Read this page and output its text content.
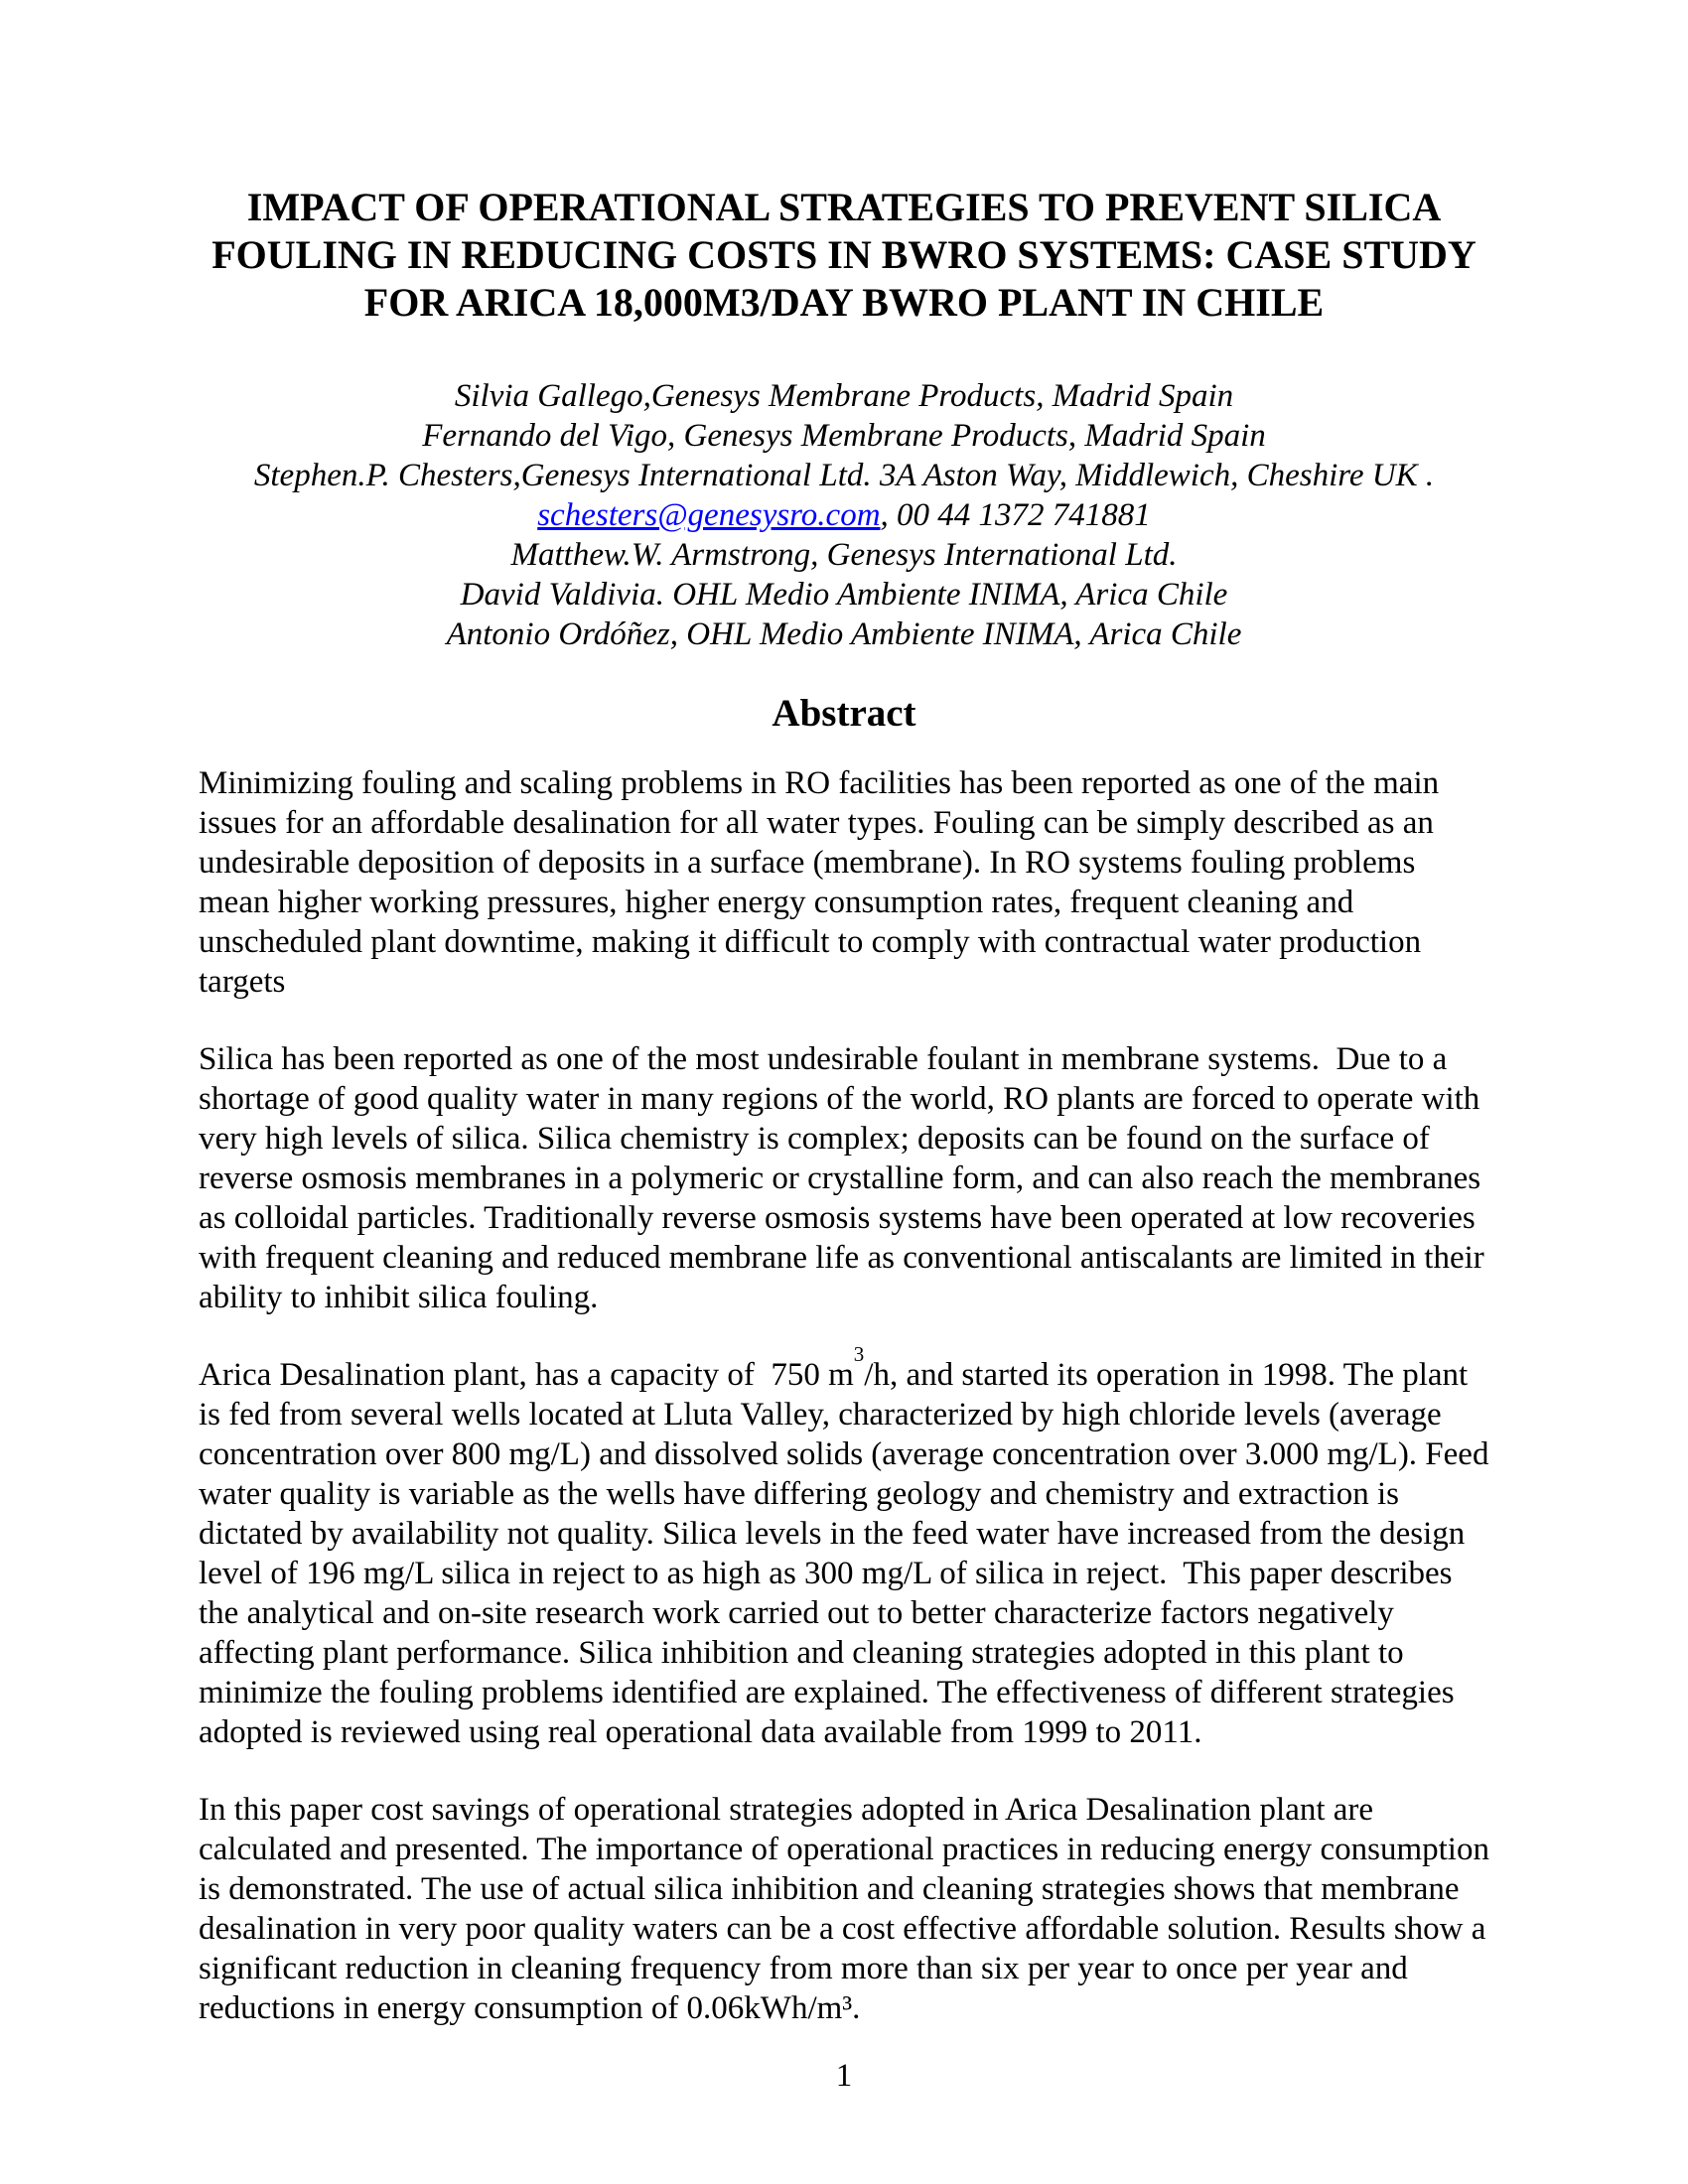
IMPACT OF OPERATIONAL STRATEGIES TO PREVENT SILICA
FOULING IN REDUCING COSTS IN BWRO SYSTEMS: CASE STUDY
FOR ARICA 18,000M3/DAY BWRO PLANT IN CHILE

Silvia Gallego,Genesys Membrane Products, Madrid Spain

Fernando del Vigo, Genesys Membrane Products, Madrid Spain

Stephen.P. Chesters,Genesys International Ltd. 3A Aston Way, Middlewich, Cheshire UK .

schesters@genesysro.com, 00 44 1372 741881

Matthew.W. Armstrong, Genesys International Ltd.

David Valdivia. OHL Medio Ambiente INIMA, Arica Chile

Antonio Ordóñez, OHL Medio Ambiente INIMA, Arica Chile

Abstract

Minimizing fouling and scaling problems in RO facilities has been reported as one of the main issues for an affordable desalination for all water types. Fouling can be simply described as an undesirable deposition of deposits in a surface (membrane). In RO systems fouling problems mean higher working pressures, higher energy consumption rates, frequent cleaning and unscheduled plant downtime, making it difficult to comply with contractual water production targets

Silica has been reported as one of the most undesirable foulant in membrane systems.  Due to a shortage of good quality water in many regions of the world, RO plants are forced to operate with very high levels of silica. Silica chemistry is complex; deposits can be found on the surface of reverse osmosis membranes in a polymeric or crystalline form, and can also reach the membranes as colloidal particles. Traditionally reverse osmosis systems have been operated at low recoveries with frequent cleaning and reduced membrane life as conventional antiscalants are limited in their ability to inhibit silica fouling.

Arica Desalination plant, has a capacity of  750 $m^3/h$, and started its operation in 1998. The plant is fed from several wells located at Lluta Valley, characterized by high chloride levels (average concentration over 800 mg/L) and dissolved solids (average concentration over 3.000 mg/L). Feed water quality is variable as the wells have differing geology and chemistry and extraction is dictated by availability not quality. Silica levels in the feed water have increased from the design level of 196 mg/L silica in reject to as high as 300 mg/L of silica in reject.  This paper describes the analytical and on-site research work carried out to better characterize factors negatively affecting plant performance. Silica inhibition and cleaning strategies adopted in this plant to minimize the fouling problems identified are explained. The effectiveness of different strategies adopted is reviewed using real operational data available from 1999 to 2011.

In this paper cost savings of operational strategies adopted in Arica Desalination plant are calculated and presented. The importance of operational practices in reducing energy consumption is demonstrated. The use of actual silica inhibition and cleaning strategies shows that membrane desalination in very poor quality waters can be a cost effective affordable solution. Results show a significant reduction in cleaning frequency from more than six per year to once per year and reductions in energy consumption of 0.06kWh/m³.

1
